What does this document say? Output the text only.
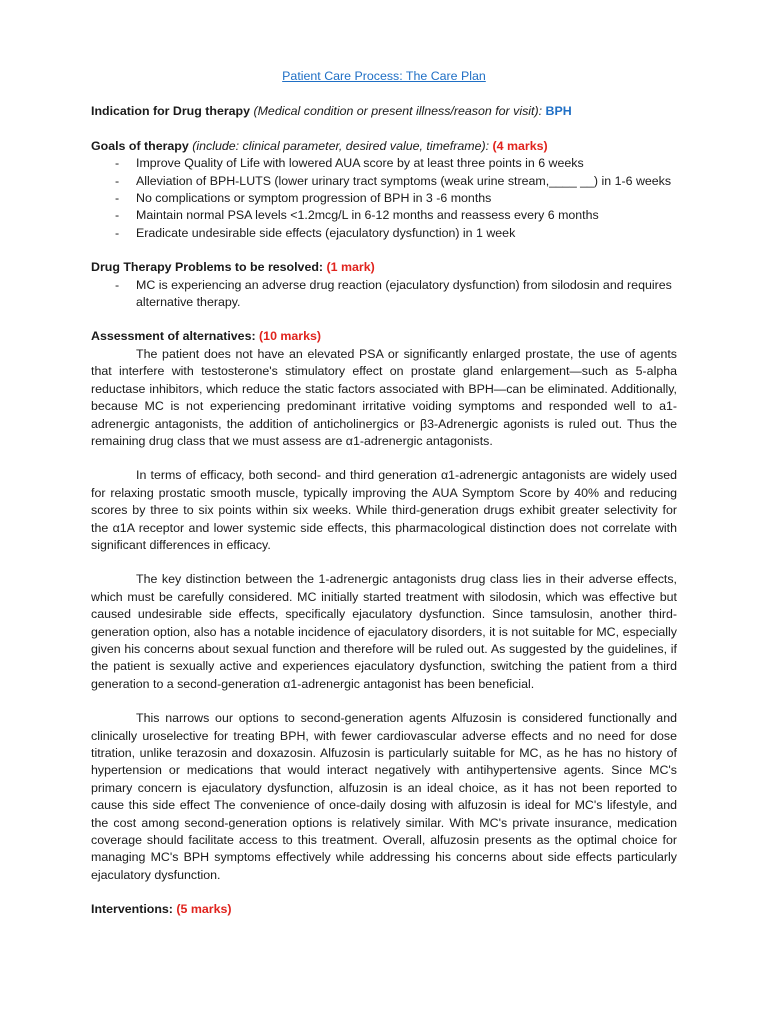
Patient Care Process: The Care Plan

Indication for Drug therapy (Medical condition or present illness/reason for visit): BPH

Goals of therapy (include: clinical parameter, desired value, timeframe): (4 marks)

- Improve Quality of Life with lowered AUA score by at least three points in 6 weeks
- Alleviation of BPH-LUTS (lower urinary tract symptoms (weak urine stream,____ __) in 1-6 weeks
- No complications or symptom progression of BPH in 3 -6 months
- Maintain normal PSA levels <1.2mcg/L in 6-12 months and reassess every 6 months
- Eradicate undesirable side effects (ejaculatory dysfunction) in 1 week

Drug Therapy Problems to be resolved: (1 mark)

- MC is experiencing an adverse drug reaction (ejaculatory dysfunction) from silodosin and requires alternative therapy.

Assessment of alternatives: (10 marks)

The patient does not have an elevated PSA or significantly enlarged prostate, the use of agents that interfere with testosterone's stimulatory effect on prostate gland enlargement—such as 5-alpha reductase inhibitors, which reduce the static factors associated with BPH—can be eliminated. Additionally, because MC is not experiencing predominant irritative voiding symptoms and responded well to a1-adrenergic antagonists, the addition of anticholinergics or β3-Adrenergic agonists is ruled out. Thus the remaining drug class that we must assess are α1-adrenergic antagonists.

In terms of efficacy, both second- and third generation α1-adrenergic antagonists are widely used for relaxing prostatic smooth muscle, typically improving the AUA Symptom Score by 40% and reducing scores by three to six points within six weeks. While third-generation drugs exhibit greater selectivity for the α1A receptor and lower systemic side effects, this pharmacological distinction does not correlate with significant differences in efficacy.

The key distinction between the 1-adrenergic antagonists drug class lies in their adverse effects, which must be carefully considered. MC initially started treatment with silodosin, which was effective but caused undesirable side effects, specifically ejaculatory dysfunction. Since tamsulosin, another third-generation option, also has a notable incidence of ejaculatory disorders, it is not suitable for MC, especially given his concerns about sexual function and therefore will be ruled out. As suggested by the guidelines, if the patient is sexually active and experiences ejaculatory dysfunction, switching the patient from a third generation to a second-generation α1-adrenergic antagonist has been beneficial.

This narrows our options to second-generation agents Alfuzosin is considered functionally and clinically uroselective for treating BPH, with fewer cardiovascular adverse effects and no need for dose titration, unlike terazosin and doxazosin. Alfuzosin is particularly suitable for MC, as he has no history of hypertension or medications that would interact negatively with antihypertensive agents. Since MC's primary concern is ejaculatory dysfunction, alfuzosin is an ideal choice, as it has not been reported to cause this side effect The convenience of once-daily dosing with alfuzosin is ideal for MC's lifestyle, and the cost among second-generation options is relatively similar. With MC's private insurance, medication coverage should facilitate access to this treatment. Overall, alfuzosin presents as the optimal choice for managing MC's BPH symptoms effectively while addressing his concerns about side effects particularly ejaculatory dysfunction.

Interventions: (5 marks)
